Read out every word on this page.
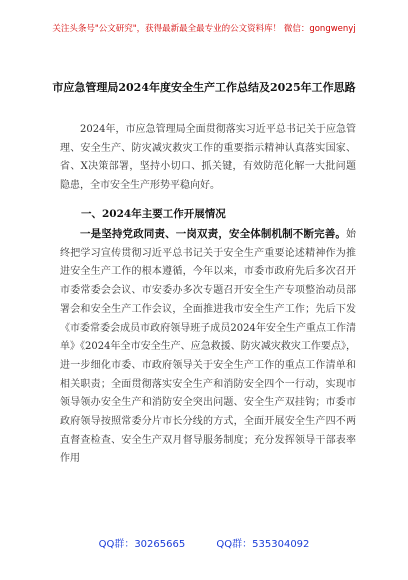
关注头条号"公文研究"，获得最新最全最专业的公文资料库！ 微信：gongwenyj
市应急管理局2024年度安全生产工作总结及2025年工作思路
2024年，市应急管理局全面贯彻落实习近平总书记关于应急管理、安全生产、防灾减灾救灾工作的重要指示精神认真落实国家、省、X决策部署，坚持小切口、抓关键，有效防范化解一大批问题隐患，全市安全生产形势平稳向好。
一、2024年主要工作开展情况
一是坚持党政同责、一岗双责，安全体制机制不断完善。始终把学习宣传贯彻习近平总书记关于安全生产重要论述精神作为推进安全生产工作的根本遵循，今年以来，市委市政府先后多次召开市委常委会会议、市安委办多次专题召开安全生产专项整治动员部署会和安全生产工作会议，全面推进我市安全生产工作；先后下发《市委常委会成员市政府领导班子成员2024年安全生产重点工作清单》《2024年全市安全生产、应急救援、防灾减灾救灾工作要点》，进一步细化市委、市政府领导关于安全生产工作的重点工作清单和相关职责；全面贯彻落实安全生产和消防安全四个一行动，实现市领导领办安全生产和消防安全突出问题、安全生产双挂钩；市委市政府领导按照常委分片市长分线的方式，全面开展安全生产四不两直督查检查、安全生产双月督导服务制度；充分发挥领导干部表率作用
QQ群：30265665	QQ群：535304092
